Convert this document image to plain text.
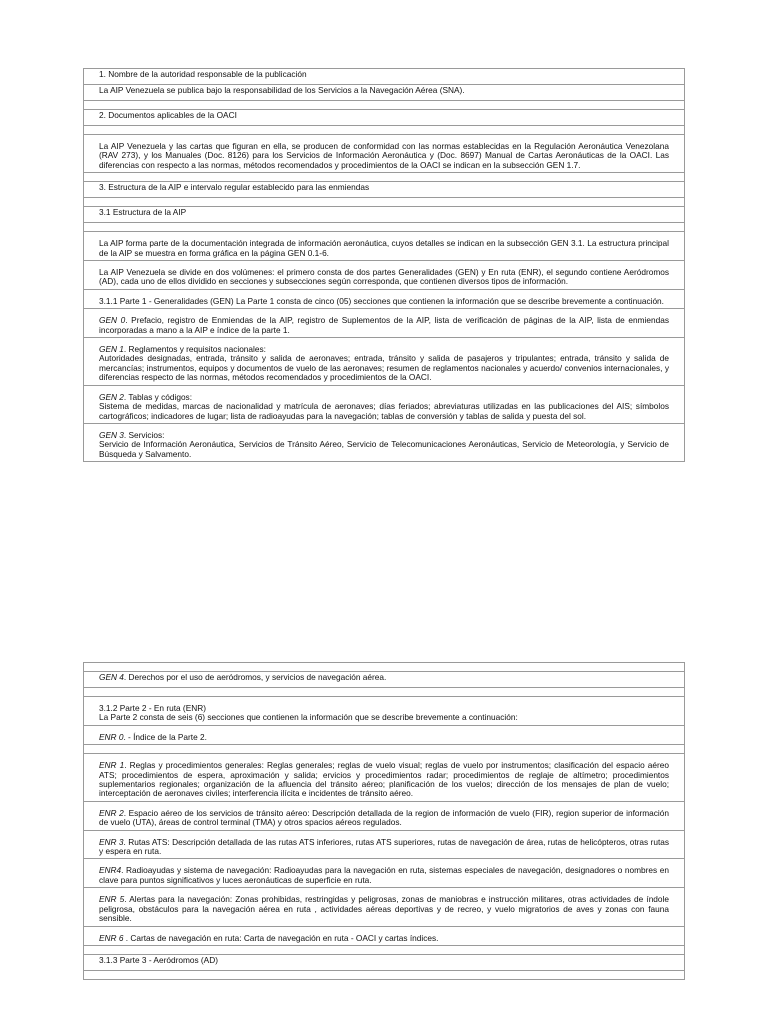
1. Nombre de la autoridad responsable de la publicación
La AIP Venezuela se publica bajo la responsabilidad de los Servicios a la Navegación Aérea (SNA).

2. Documentos aplicables de la OACI

La AIP Venezuela y las cartas que figuran en ella, se producen de conformidad con las normas establecidas en la Regulación Aeronáutica Venezolana (RAV 273), y los Manuales (Doc. 8126) para los Servicios de Información Aeronáutica y (Doc. 8697) Manual de Cartas Aeronáuticas de la OACI. Las diferencias con respecto a las normas, métodos recomendados y procedimientos de la OACI se indican en la subsección GEN 1.7.

3. Estructura de la AIP e intervalo regular establecido para las enmiendas

3.1 Estructura de la AIP

La AIP forma parte de la documentación integrada de información aeronáutica, cuyos detalles se indican en la subsección GEN 3.1. La estructura principal de la AIP se muestra en forma gráfica en la página GEN 0.1-6.
La AIP Venezuela se divide en dos volúmenes: el primero consta de dos partes Generalidades (GEN) y En ruta (ENR), el segundo contiene Aeródromos (AD), cada uno de ellos dividido en secciones y subsecciones según corresponda, que contienen diversos tipos de información.
3.1.1 Parte 1 - Generalidades (GEN) La Parte 1 consta de cinco (05) secciones que contienen la información que se describe brevemente a continuación.
GEN 0. Prefacio, registro de Enmiendas de la AIP, registro de Suplementos de la AIP, lista de verificación de páginas de la AIP, lista de enmiendas incorporadas a mano a la AIP e índice de la parte 1.
GEN 1. Reglamentos y requisitos nacionales:
Autoridades designadas, entrada, tránsito y salida de aeronaves; entrada, tránsito y salida de pasajeros y tripulantes; entrada, tránsito y salida de mercancías; instrumentos, equipos y documentos de vuelo de las aeronaves; resumen de reglamentos nacionales y acuerdo/ convenios internacionales, y diferencias respecto de las normas, métodos recomendados y procedimientos de la OACI.
GEN 2. Tablas y códigos:
Sistema de medidas, marcas de nacionalidad y matrícula de aeronaves; días feriados; abreviaturas utilizadas en las publicaciones del AIS; símbolos cartográficos; indicadores de lugar; lista de radioayudas para la navegación; tablas de conversión y tablas de salida y puesta del sol.
GEN 3. Servicios:
Servicio de Información Aeronáutica, Servicios de Tránsito Aéreo, Servicio de Telecomunicaciones Aeronáuticas, Servicio de Meteorología, y Servicio de Búsqueda y Salvamento.

GEN 4. Derechos por el uso de aeródromos, y servicios de navegación aérea.

3.1.2 Parte 2 - En ruta (ENR)
La Parte 2 consta de seis (6) secciones que contienen la información que se describe brevemente a continuación:
ENR 0. - Índice de la Parte 2.

ENR 1. Reglas y procedimientos generales: Reglas generales; reglas de vuelo visual; reglas de vuelo por instrumentos; clasificación del espacio aéreo ATS; procedimientos de espera, aproximación y salida; ervicios y procedimientos radar; procedimientos de reglaje de altímetro; procedimientos suplementarios regionales; organización de la afluencia del tránsito aéreo; planificación de los vuelos; dirección de los mensajes de plan de vuelo; interceptación de aeronaves civiles; interferencia ilícita e incidentes de tránsito aéreo.
ENR 2. Espacio aéreo de los servicios de tránsito aéreo: Descripción detallada de la region de información de vuelo (FIR), region superior de información de vuelo (UTA), áreas de control terminal (TMA) y otros spacios aéreos regulados.
ENR 3. Rutas ATS: Descripción detallada de las rutas ATS inferiores, rutas ATS superiores, rutas de navegación de área, rutas de helicópteros, otras rutas y espera en ruta.
ENR4. Radioayudas y sistema de navegación: Radioayudas para la navegación en ruta, sistemas especiales de navegación, designadores o nombres en clave para puntos significativos y luces aeronáuticas de superficie en ruta.
ENR 5. Alertas para la navegación: Zonas prohibidas, restringidas y peligrosas, zonas de maniobras e instrucción militares, otras actividades de índole peligrosa, obstáculos para la navegación aérea en ruta , actividades aéreas deportivas y de recreo, y vuelo migratorios de aves y zonas con fauna sensible.
ENR 6 . Cartas de navegación en ruta: Carta de navegación en ruta - OACI y cartas índices.

3.1.3 Parte 3 - Aeródromos (AD)
